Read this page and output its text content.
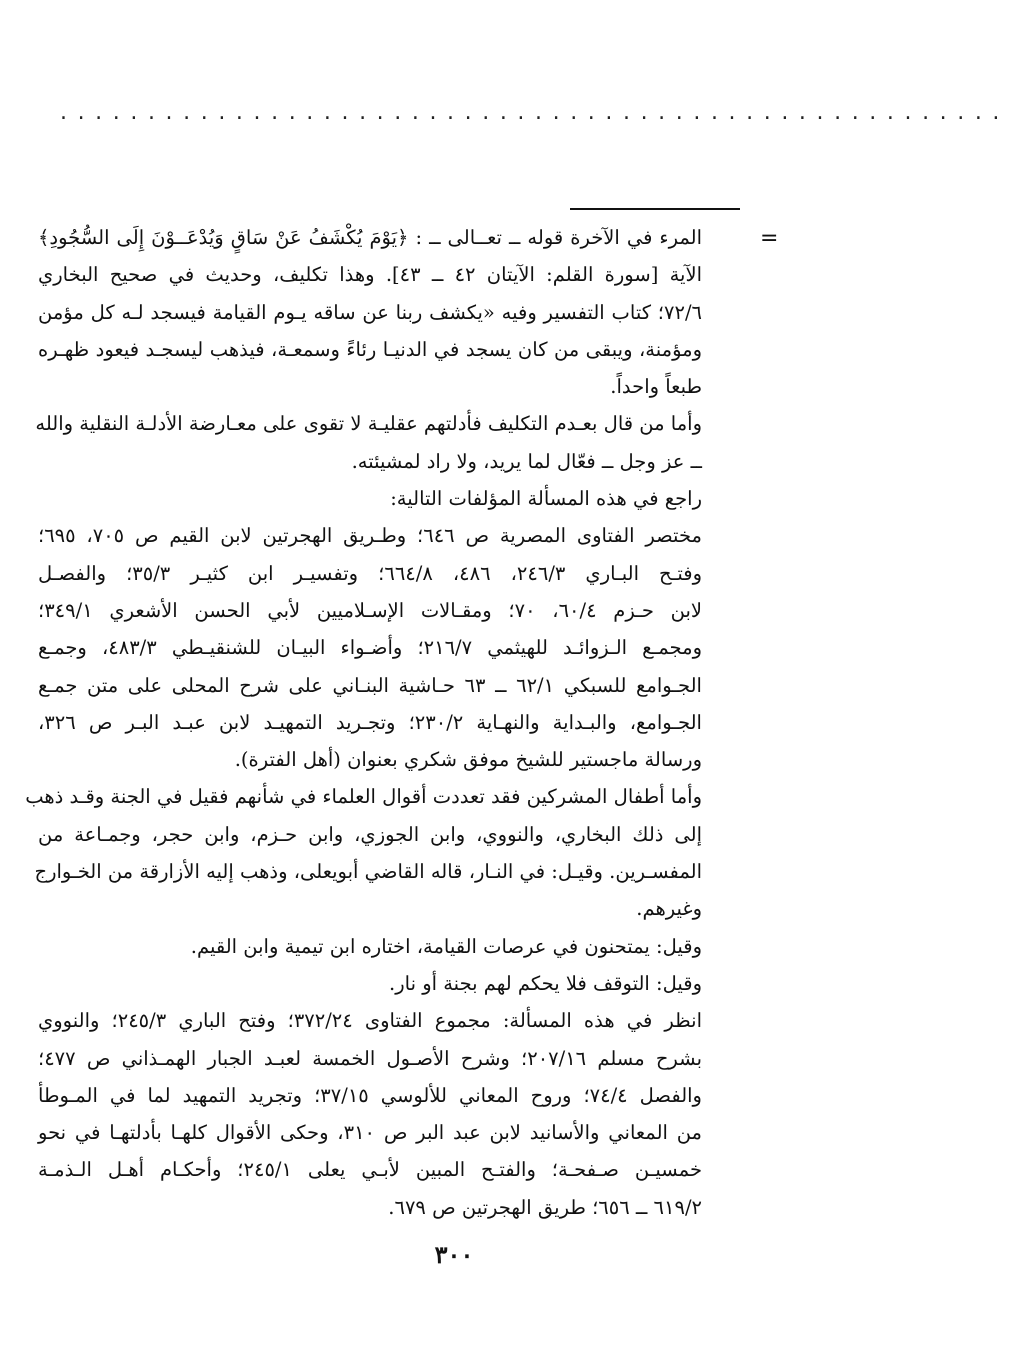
......................................................
=
المرء في الآخرة قوله ــ تعــالى ــ : ﴿يَوْمَ يُكْشَفُ عَنْ سَاقٍ وَيُدْعَــوْنَ إِلَى السُّجُودِ﴾
الآية [سورة القلم: الآيتان ٤٢ ــ ٤٣]. وهذا تكليف، وحديث في صحيح البخاري
٧٢/٦؛ كتاب التفسير وفيه «يكشف ربنا عن ساقه يـوم القيامة فيسجد لـه كل مؤمن
ومؤمنة، ويبقى من كان يسجد في الدنيـا رئاءً وسمعـة، فيذهب ليسجـد فيعود ظهـره
طبعاً واحداً.
وأما من قال بعـدم التكليف فأدلتهم عقليـة لا تقوى على معـارضة الأدلـة النقلية والله
ــ عز وجل ــ فعّال لما يريد، ولا راد لمشيئته.
راجع في هذه المسألة المؤلفات التالية:
مختصر الفتاوى المصرية ص ٦٤٦؛ وطـريق الهجرتين لابن القيم ص ٧٠٥، ٦٩٥؛
وفتـح البـاري ٢٤٦/٣، ٤٨٦، ٦٦٤/٨؛ وتفسيـر ابن كثيـر ٣٥/٣؛ والفصـل
لابن حـزم ٦٠/٤، ٧٠؛ ومقـالات الإسـلاميين لأبي الحسن الأشعري ٣٤٩/١؛
ومجمـع الـزوائـد للهيثمي ٢١٦/٧؛ وأضـواء البيـان للشنقيـطي ٤٨٣/٣، وجمـع
الجـوامع للسبكي ٦٢/١ ــ ٦٣ حـاشية البنـاني على شرح المحلى على متن جمـع
الجـوامع، والبـداية والنهـاية ٢٣٠/٢؛ وتجـريد التمهيـد لابن عبـد البـر ص ٣٢٦،
ورسالة ماجستير للشيخ موفق شكري بعنوان (أهل الفترة).
وأما أطفال المشركين فقد تعددت أقوال العلماء في شأنهم فقيل في الجنة وقـد ذهب
إلى ذلك البخاري، والنووي، وابن الجوزي، وابن حـزم، وابن حجر، وجمـاعة من
المفسـرين. وقيـل: في النـار، قاله القاضي أبويعلى، وذهب إليه الأزارقة من الخـوارج
وغيرهم.
وقيل: يمتحنون في عرصات القيامة، اختاره ابن تيمية وابن القيم.
وقيل: التوقف فلا يحكم لهم بجنة أو نار.
انظر في هذه المسألة: مجموع الفتاوى ٣٧٢/٢٤؛ وفتح الباري ٢٤٥/٣؛ والنووي
بشرح مسلم ٢٠٧/١٦؛ وشرح الأصـول الخمسة لعبـد الجبار الهمـذاني ص ٤٧٧؛
والفصل ٧٤/٤؛ وروح المعاني للألوسي ٣٧/١٥؛ وتجريد التمهيد لما في المـوطأ
من المعاني والأسانيد لابن عبد البر ص ٣١٠، وحكى الأقوال كلهـا بأدلتهـا في نحو
خمسيـن صـفحـة؛ والفتـح المبين لأبـي يعلى ٢٤٥/١؛ وأحكـام أهـل الـذمـة
٦١٩/٢ ــ ٦٥٦؛ طريق الهجرتين ص ٦٧٩.
٣٠٠
